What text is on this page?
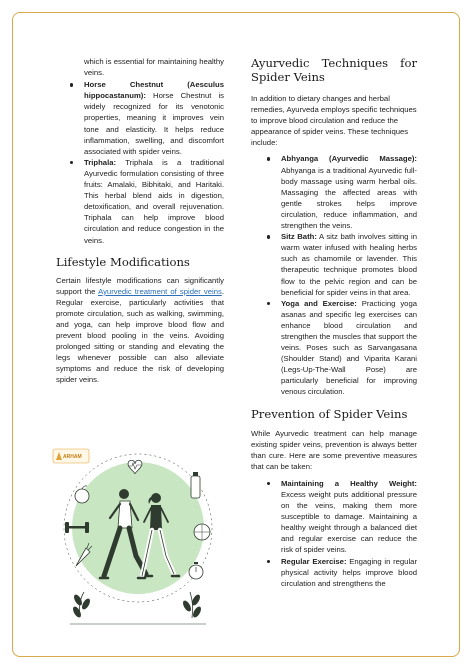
which is essential for maintaining healthy veins.

Horse Chestnut (Aesculus hippocastanum): Horse Chestnut is widely recognized for its venotonic properties, meaning it improves vein tone and elasticity. It helps reduce inflammation, swelling, and discomfort associated with spider veins.
Triphala: Triphala is a traditional Ayurvedic formulation consisting of three fruits: Amalaki, Bibhitaki, and Haritaki. This herbal blend aids in digestion, detoxification, and overall rejuvenation. Triphala can help improve blood circulation and reduce congestion in the veins.
Lifestyle Modifications

Certain lifestyle modifications can significantly support the Ayurvedic treatment of spider veins. Regular exercise, particularly activities that promote circulation, such as walking, swimming, and yoga, can help improve blood flow and prevent blood pooling in the veins. Avoiding prolonged sitting or standing and elevating the legs whenever possible can also alleviate symptoms and reduce the risk of developing spider veins.

ARHAM
Ayurvedic Techniques for Spider Veins

In addition to dietary changes and herbal remedies, Ayurveda employs specific techniques to improve blood circulation and reduce the appearance of spider veins. These techniques include:

Abhyanga (Ayurvedic Massage): Abhyanga is a traditional Ayurvedic full-body massage using warm herbal oils. Massaging the affected areas with gentle strokes helps improve circulation, reduce inflammation, and strengthen the veins.
Sitz Bath: A sitz bath involves sitting in warm water infused with healing herbs such as chamomile or lavender. This therapeutic technique promotes blood flow to the pelvic region and can be beneficial for spider veins in that area.
Yoga and Exercise: Practicing yoga asanas and specific leg exercises can enhance blood circulation and strengthen the muscles that support the veins. Poses such as Sarvangasana (Shoulder Stand) and Viparita Karani (Legs-Up-The-Wall Pose) are particularly beneficial for improving venous circulation.
Prevention of Spider Veins

While Ayurvedic treatment can help manage existing spider veins, prevention is always better than cure. Here are some preventive measures that can be taken:

Maintaining a Healthy Weight: Excess weight puts additional pressure on the veins, making them more susceptible to damage. Maintaining a healthy weight through a balanced diet and regular exercise can reduce the risk of spider veins.
Regular Exercise: Engaging in regular physical activity helps improve blood circulation and strengthens the
